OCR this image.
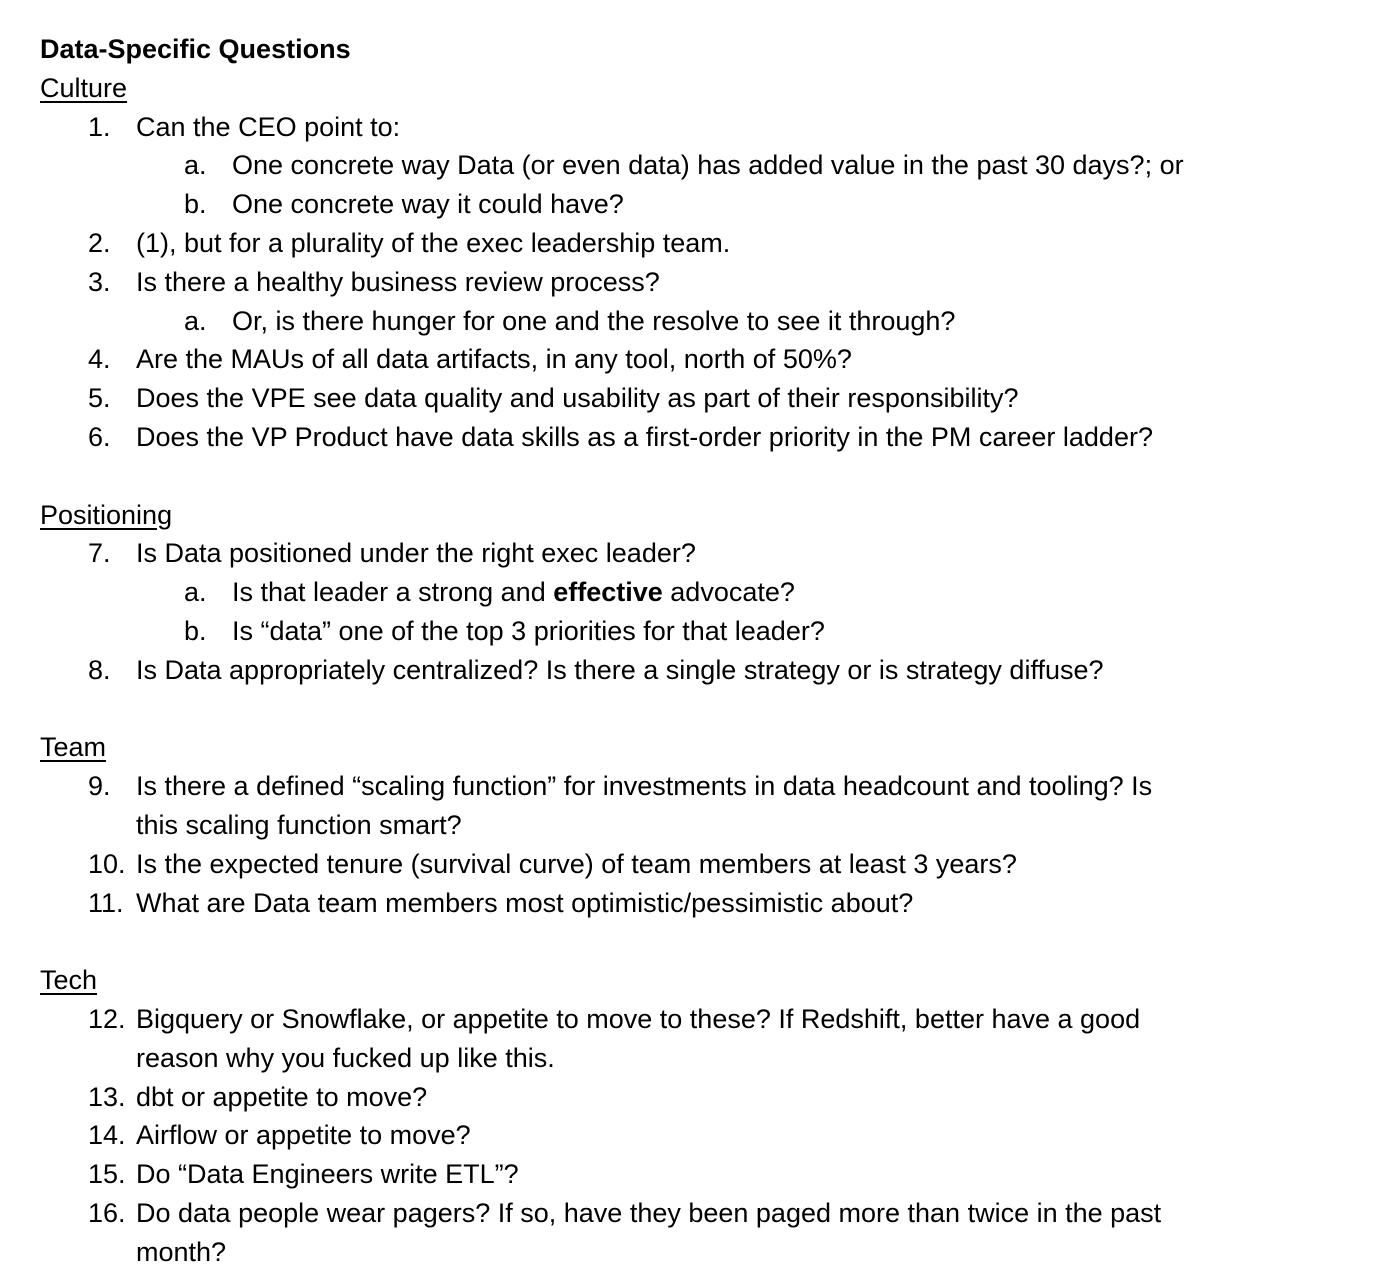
Data-Specific Questions
Culture
1. Can the CEO point to:
a. One concrete way Data (or even data) has added value in the past 30 days?; or
b. One concrete way it could have?
2. (1), but for a plurality of the exec leadership team.
3. Is there a healthy business review process?
a. Or, is there hunger for one and the resolve to see it through?
4. Are the MAUs of all data artifacts, in any tool, north of 50%?
5. Does the VPE see data quality and usability as part of their responsibility?
6. Does the VP Product have data skills as a first-order priority in the PM career ladder?
Positioning
7. Is Data positioned under the right exec leader?
a. Is that leader a strong and effective advocate?
b. Is “data” one of the top 3 priorities for that leader?
8. Is Data appropriately centralized? Is there a single strategy or is strategy diffuse?
Team
9. Is there a defined “scaling function” for investments in data headcount and tooling? Is
this scaling function smart?
10. Is the expected tenure (survival curve) of team members at least 3 years?
11. What are Data team members most optimistic/pessimistic about?
Tech
12. Bigquery or Snowflake, or appetite to move to these? If Redshift, better have a good
reason why you fucked up like this.
13. dbt or appetite to move?
14. Airflow or appetite to move?
15. Do “Data Engineers write ETL”?
16. Do data people wear pagers? If so, have they been paged more than twice in the past
month?
